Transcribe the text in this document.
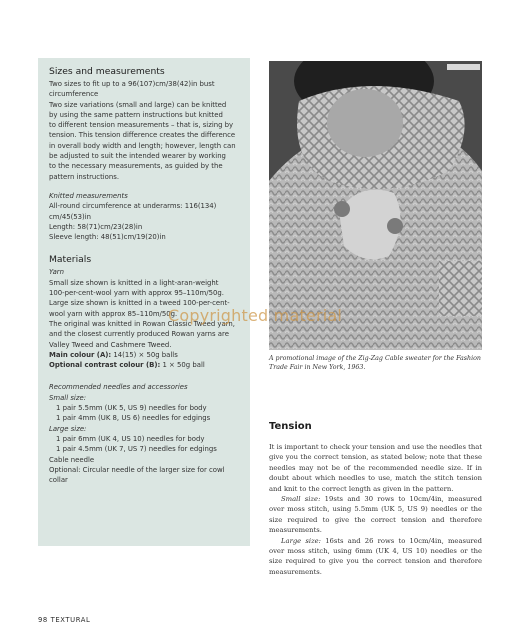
Sizes and measurements

Two sizes to fit up to a 96(107)cm/38(42)in bust

circumference

Two size variations (small and large) can be knitted

by using the same pattern instructions but knitted

to different tension measurements – that is, sizing by

tension. This tension difference creates the difference

in overall body width and length; however, length can

be adjusted to suit the intended wearer by working

to the necessary measurements, as guided by the

pattern instructions.

Knitted measurements

All-round circumference at underarms: 116(134)

cm/45(53)in

Length: 58(71)cm/23(28)in

Sleeve length: 48(51)cm/19(20)in

Materials

Yarn

Small size shown is knitted in a light-aran-weight

100-per-cent-wool yarn with approx 95–110m/50g.

Large size shown is knitted in a tweed 100-per-cent-

wool yarn with approx 85–110m/50g.

The original was knitted in Rowan Classic Tweed yarn,

and the closest currently produced Rowan yarns are

Valley Tweed and Cashmere Tweed.

Main colour (A): 14(15) × 50g balls

Optional contrast colour (B): 1 × 50g ball

Recommended needles and accessories

Small size:

1 pair 5.5mm (UK 5, US 9) needles for body
1 pair 4mm (UK 8, US 6) needles for edgings

Large size:

1 pair 6mm (UK 4, US 10) needles for body
1 pair 4.5mm (UK 7, US 7) needles for edgings

Cable needle

Optional: Circular needle of the larger size for cowl

collar

A promotional image of the Zig-Zag Cable sweater for the Fashion Trade Fair in New York, 1963.
Copyrighted material
Tension

It is important to check your tension and use the needles that give you the correct tension, as stated below; note that these needles may not be of the recommended needle size. If in doubt about which needles to use, match the stitch tension and knit to the correct length as given in the pattern.

Small size: 19sts and 30 rows to 10cm/4in, measured over moss stitch, using 5.5mm (UK 5, US 9) needles or the size required to give the correct tension and therefore measurements.

Large size: 16sts and 26 rows to 10cm/4in, measured over moss stitch, using 6mm (UK 4, US 10) needles or the size required to give you the correct tension and therefore measurements.

98 TEXTURAL
